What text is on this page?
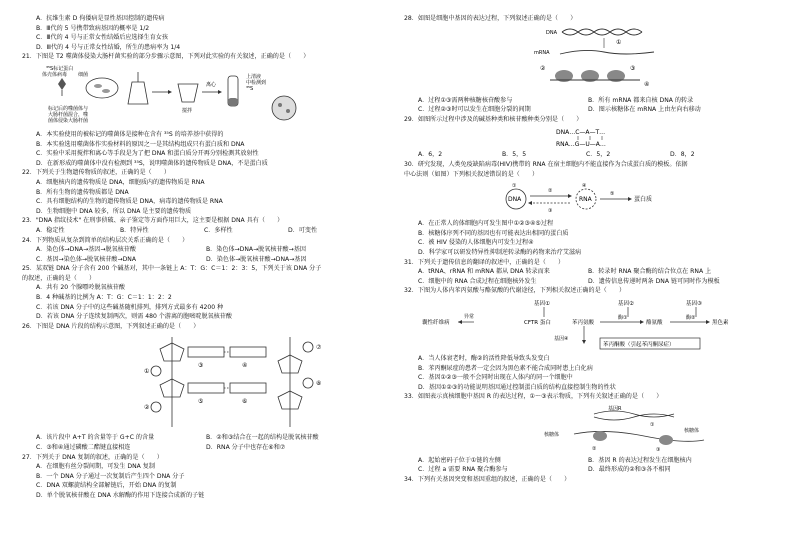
A．抗维生素 D 佝偻病是显性基因控制的遗传病
B．Ⅲ代的 5 号携带致病基因的概率是 1/2
C．Ⅲ代的 4 号与正常女性结婚后应选择生育女孩
D．Ⅲ代的 4 号与正常女性结婚，所生的患病率为 1/4
21．下图是 T2 噬菌体侵染大肠杆菌实验的部分步骤示意图，下列对此实验的有关叙述，正确的是（　　）
³⁵S标记蛋白
体壳体病毒 细菌
标记后的噬菌体与
大肠杆菌混合，噬
菌体侵染大肠杆菌
搅拌
离心
上清液
中检测到
³⁵S
A．本实验使用的被标记的噬菌体是接种在含有 ³⁵S 的培养基中获得的
B．本实验选用噬菌体作实验材料的原因之一是其结构组成只有蛋白质和 DNA
C．实验中采用搅拌和离心等手段是为了把 DNA 和蛋白质分开再分别检测其放射性
D．在新形成的噬菌体中没有检测到 ³⁵S，说明噬菌体的遗传物质是 DNA，不是蛋白质
22．下列关于生物遗传物质的叙述，正确的是（　　）
A．细胞核内的遗传物质是 DNA，细胞质内的遗传物质是 RNA
B．所有生物的遗传物质都是 DNA
C．具有细胞结构的生物的遗传物质是 DNA，病毒的遗传物质是 RNA
D．生物细胞中 DNA 较多，所以 DNA 是主要的遗传物质
23．"DNA 指纹技术" 在刑事侦破、亲子鉴定等方面作用巨大，这主要是根据 DNA 具有（　　）
A．稳定性	B．特异性	C．多样性	D．可变性
24．下列物质从复杂到简单的结构层次关系正确的是（　　）
A．染色体→DNA→基因→脱氧核苷酸	B．染色体→DNA→脱氧核苷酸→基因
C．基因→染色体→脱氧核苷酸→DNA	D．染色体→脱氧核苷酸→DNA→基因
25．某双链 DNA 分子含有 200 个碱基对，其中一条链上 A：T：G：C＝1：2：3：5，下列关于该 DNA 分子
的叙述，正确的是（　　）
A．共有 20 个腺嘌呤脱氧核苷酸
B．4 种碱基的比例为 A：T：G：C＝1：1：2：2
C．若该 DNA 分子中的这些碱基随机排列，排列方式最多有 4200 种
D．若该 DNA 分子连续复制两次，则需 480 个游离的胞嘧啶脱氧核苷酸
26．下图是 DNA 片段的结构示意图，下列叙述正确的是（　　）
①
②
③	④
⑤	⑥
⑦
⑧
A．该片段中 A+T 的含量等于 G+C 的含量	B．②和③结合在一起的结构是脱氧核苷酸
C．③和④通过磷酸二酯键直接相连	D．RNA 分子中也存在⑥和⑦
27．下列关于 DNA 复制的叙述，正确的是（　　）
A．在细胞有丝分裂间期，可发生 DNA 复制
B．一个 DNA 分子通过一次复制后产生四个 DNA 分子
C．DNA 双螺旋结构全部解链后，开始 DNA 的复制
D．单个脱氧核苷酸在 DNA 水解酶的作用下连接合成新的子链
28．如图是细胞中基因的表达过程，下列叙述正确的是（　　）
DNA
①
mRNA
②	③
④
A．过程①③需两种核糖核苷酸参与	B．所有 mRNA 都来自核 DNA 的转录
C．过程②③时可以发生在细胞分裂的间期	D．图示核糖体在 mRNA 上由左向右移动
29．如图所示过程中涉及的碱基种类和核苷酸种类分别是（　　）
DNA…C—A—T…
RNA…G—U—A…
A．6，2	B．5，5	C．5，2	D．8，2
30．研究发现，人类免疫缺陷病毒(HIV)携带的 RNA 在宿主细胞内不能直接作为合成蛋白质的模板。依据
中心法则（如图）下列相关叙述错误的是（　　）
①
DNA
②
③
RNA
④
⑤
蛋白质
A．在正常人的体细胞内可发生图中①②③④⑤过程
B．核糖体序列不同的基因也有可能表达出相同的蛋白质
C．被 HIV 侵染的人体细胞内可发生过程④
D．科学家可以研发特异性抑制逆转录酶的药物来治疗艾滋病
31．下列关于遗传信息的翻译的叙述中，正确的是（　　）
A．tRNA、rRNA 和 mRNA 都从 DNA 转录而来	B．转录时 RNA 聚合酶的结合位点在 RNA 上
C．细胞中的 RNA 合成过程在细胞核外发生	D．遗传信息传递时两条 DNA 链可同时作为模板
32．下图为人体内苯丙氨酸与酪氨酸的代谢途径，下列相关叙述正确的是（　　）
基因①	基因②	基因③
囊性纤维病
异常
CFTR 蛋白	苯丙氨酸
酶①
酪氨酸
酶②
黑色素
苯丙酮酸（引起苯丙酮尿症）
基因④
A．当人体衰老时，酶②的活性降低导致头发变白
B．苯丙酮尿症的患者一定会因为黑色素不能合成同时患上白化病
C．基因①②③一般不会同时出现在人体内的同一个细胞中
D．基因①②③的功能说明基因通过控制蛋白质的结构直接控制生物的性状
33．如图表示真核细胞中基因 R 的表达过程，①～③表示物质，下列有关叙述正确的是（　　）
基因R
①
核糖体
②	③
核糖体
A．起始密码子位于①链的左侧	B．基因 R 的表达过程发生在细胞核内
C．过程 a 需要 RNA 聚合酶参与	D．最终形成的②和③各不相同
34．下列有关基因突变和基因重组的叙述，正确的是（　　）
